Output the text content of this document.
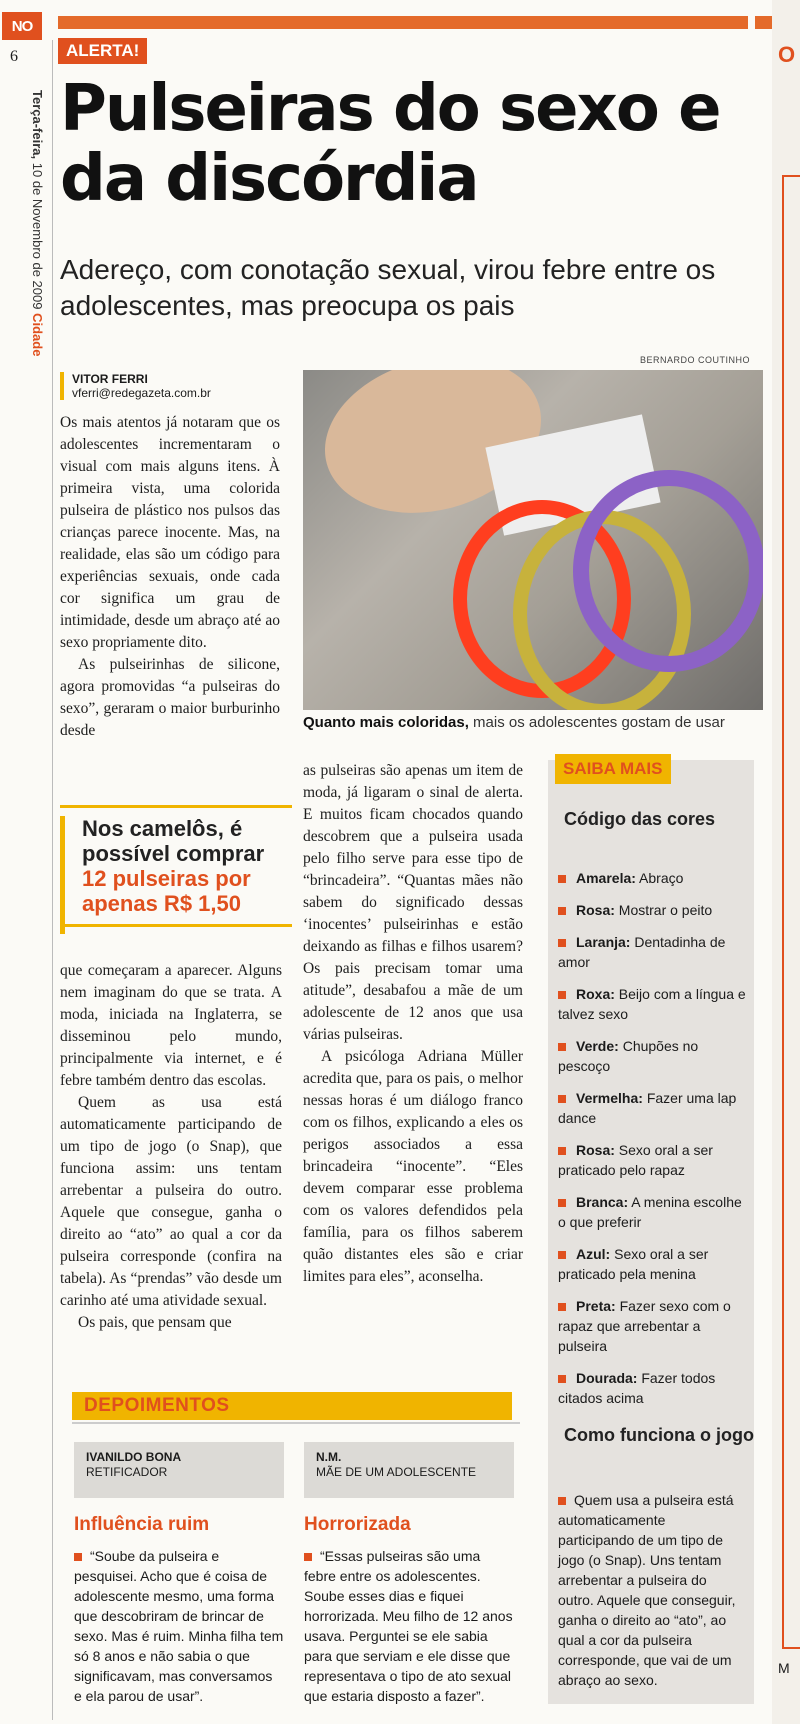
NO
6
Terça-feira, 10 de Novembro de 2009 Cidade
ALERTA!
Pulseiras do sexo e da discórdia

Adereço, com conotação sexual, virou febre entre os adolescentes, mas preocupa os pais

BERNARDO COUTINHO
Quanto mais coloridas, mais os adolescentes gostam de usar
VITOR FERRI
vferri@redegazeta.com.br

Os mais atentos já notaram que os adolescentes incrementaram o visual com mais alguns itens. À primeira vista, uma colorida pulseira de plástico nos pulsos das crianças parece inocente. Mas, na realidade, elas são um código para experiências sexuais, onde cada cor significa um grau de intimidade, desde um abraço até ao sexo propriamente dito.

As pulseirinhas de silicone, agora promovidas “a pulseiras do sexo”, geraram o maior burburinho desde

Nos camelôs, é possível comprar 12 pulseiras por apenas R$ 1,50

que começaram a aparecer. Alguns nem imaginam do que se trata. A moda, iniciada na Inglaterra, se disseminou pelo mundo, principalmente via internet, e é febre também dentro das escolas.

Quem as usa está automaticamente participando de um tipo de jogo (o Snap), que funciona assim: uns tentam arrebentar a pulseira do outro. Aquele que consegue, ganha o direito ao “ato” ao qual a cor da pulseira corresponde (confira na tabela). As “prendas” vão desde um carinho até uma atividade sexual.

Os pais, que pensam que

as pulseiras são apenas um item de moda, já ligaram o sinal de alerta. E muitos ficam chocados quando descobrem que a pulseira usada pelo filho serve para esse tipo de “brincadeira”. “Quantas mães não sabem do significado dessas ‘inocentes’ pulseirinhas e estão deixando as filhas e filhos usarem? Os pais precisam tomar uma atitude”, desabafou a mãe de um adolescente de 12 anos que usa várias pulseiras.

A psicóloga Adriana Müller acredita que, para os pais, o melhor nessas horas é um diálogo franco com os filhos, explicando a eles os perigos associados a essa brincadeira “inocente”. “Eles devem comparar esse problema com os valores defendidos pela família, para os filhos saberem quão distantes eles são e criar limites para eles”, aconselha.

Código das cores
Amarela: Abraço
Rosa: Mostrar o peito
Laranja: Dentadinha de amor
Roxa: Beijo com a língua e talvez sexo
Verde: Chupões no pescoço
Vermelha: Fazer uma lap dance
Rosa: Sexo oral a ser praticado pelo rapaz
Branca: A menina escolhe o que preferir
Azul: Sexo oral a ser praticado pela menina
Preta: Fazer sexo com o rapaz que arrebentar a pulseira
Dourada: Fazer todos citados acima
Como funciona o jogo
Quem usa a pulseira está automaticamente participando de um tipo de jogo (o Snap). Uns tentam arrebentar a pulseira do outro. Aquele que conseguir, ganha o direito ao “ato”, ao qual a cor da pulseira corresponde, que vai de um abraço ao sexo.
SAIBA MAIS
DEPOIMENTOS
IVANILDO BONA
RETIFICADOR
Influência ruim
“Soube da pulseira e pesquisei. Acho que é coisa de adolescente mesmo, uma forma que descobriram de brincar de sexo. Mas é ruim. Minha filha tem só 8 anos e não sabia o que significavam, mas conversamos e ela parou de usar”.
N.M.
MÃE DE UM ADOLESCENTE
Horrorizada
“Essas pulseiras são uma febre entre os adolescentes. Soube esses dias e fiquei horrorizada. Meu filho de 12 anos usava. Perguntei se ele sabia para que serviam e ele disse que representava o tipo de ato sexual que estaria disposto a fazer”.
O
M
